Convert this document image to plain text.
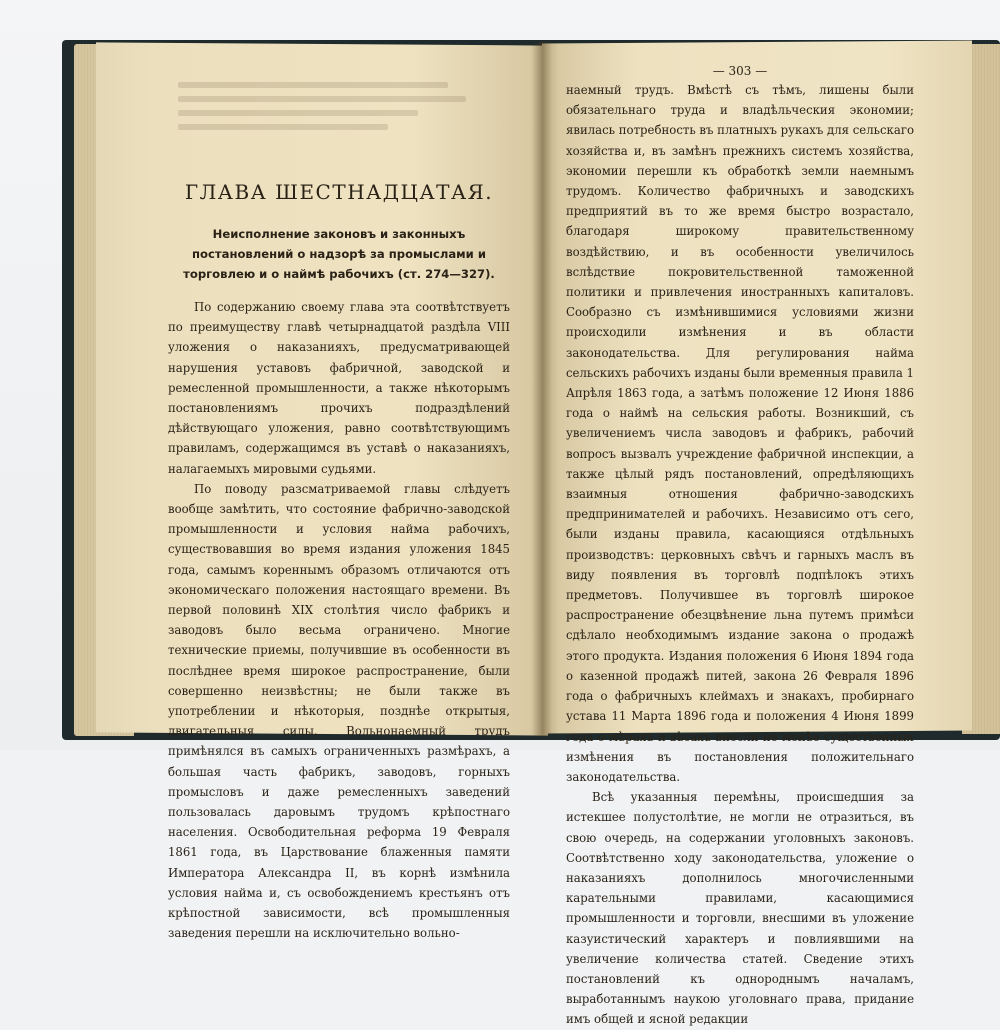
ГЛАВА ШЕСТНАДЦАТАЯ.

Неисполнение законовъ и законныхъ постановлений о надзорѣ за промыслами и торговлею и о наймѣ рабочихъ (ст. 274—327).

По содержанию своему глава эта соотвѣтствуетъ по преимуществу главѣ четырнадцатой раздѣла VIII уложения о наказанияхъ, предусматривающей нарушения уставовъ фабричной, заводской и ремесленной промышленности, а также нѣкоторымъ постановлениямъ прочихъ подраздѣлений дѣйствующаго уложения, равно соотвѣтствующимъ правиламъ, содержащимся въ уставѣ о наказанияхъ, налагаемыхъ мировыми судьями.

По поводу разсматриваемой главы слѣдуетъ вообще замѣтить, что состояние фабрично-заводской промышленности и условия найма рабочихъ, существовавшия во время издания уложения 1845 года, самымъ кореннымъ образомъ отличаются отъ экономическаго положения настоящаго времени. Въ первой половинѣ XIX столѣтия число фабрикъ и заводовъ было весьма ограничено. Многие технические приемы, получившие въ особенности въ послѣднее время широкое распространение, были совершенно неизвѣстны; не были также въ употреблении и нѣкоторыя, позднѣе открытыя, двигательныя силы. Вольнонаемный трудъ примѣнялся въ самыхъ ограниченныхъ размѣрахъ, а большая часть фабрикъ, заводовъ, горныхъ промысловъ и даже ремесленныхъ заведений пользовалась даровымъ трудомъ крѣпостнаго населения. Освободительная реформа 19 Февраля 1861 года, въ Царствование блаженныя памяти Императора Александра II, въ корнѣ измѣнила условия найма и, съ освобождениемъ крестьянъ отъ крѣпостной зависимости, всѣ промышленныя заведения перешли на исключительно вольно-

— 303 —

наемный трудъ. Вмѣстѣ съ тѣмъ, лишены были обязательнаго труда и владѣльческия экономии; явилась потребность въ платныхъ рукахъ для сельскаго хозяйства и, въ замѣнъ прежнихъ системъ хозяйства, экономии перешли къ обработкѣ земли наемнымъ трудомъ. Количество фабричныхъ и заводскихъ предприятий въ то же время быстро возрастало, благодаря широкому правительственному воздѣйствию, и въ особенности увеличилось вслѣдствие покровительственной таможенной политики и привлечения иностранныхъ капиталовъ. Сообразно съ измѣнившимися условиями жизни происходили измѣнения и въ области законодательства. Для регулирования найма сельскихъ рабочихъ изданы были временныя правила 1 Апрѣля 1863 года, а затѣмъ положение 12 Июня 1886 года о наймѣ на сельския работы. Возникший, съ увеличениемъ числа заводовъ и фабрикъ, рабочий вопросъ вызвалъ учреждение фабричной инспекции, а также цѣлый рядъ постановлений, опредѣляющихъ взаимныя отношения фабрично-заводскихъ предпринимателей и рабочихъ. Независимо отъ сего, были изданы правила, касающияся отдѣльныхъ производствъ: церковныхъ свѣчъ и гарныхъ маслъ въ виду появления въ торговлѣ подпѣлокъ этихъ предметовъ. Получившее въ торговлѣ широкое распространение обезцвѣнение льна путемъ примѣси сдѣлало необходимымъ издание закона о продажѣ этого продукта. Издания положения 6 Июня 1894 года о казенной продажѣ питей, закона 26 Февраля 1896 года о фабричныхъ клеймахъ и знакахъ, пробирнаго устава 11 Марта 1896 года и положения 4 Июня 1899 года о мѣрахъ и вѣсахъ внесли не менѣе существенныя измѣнения въ постановления положительнаго законодательства.

Всѣ указанныя перемѣны, происшедшия за истекшее полустолѣтие, не могли не отразиться, въ свою очередь, на содержании уголовныхъ законовъ. Соотвѣтственно ходу законодательства, уложение о наказанияхъ дополнилось многочисленными карательными правилами, касающимися промышленности и торговли, внесшими въ уложение казуистический характеръ и повлиявшими на увеличение количества статей. Сведение этихъ постановлений къ однороднымъ началамъ, выработаннымъ наукою уголовнаго права, придание имъ общей и ясной редакции
